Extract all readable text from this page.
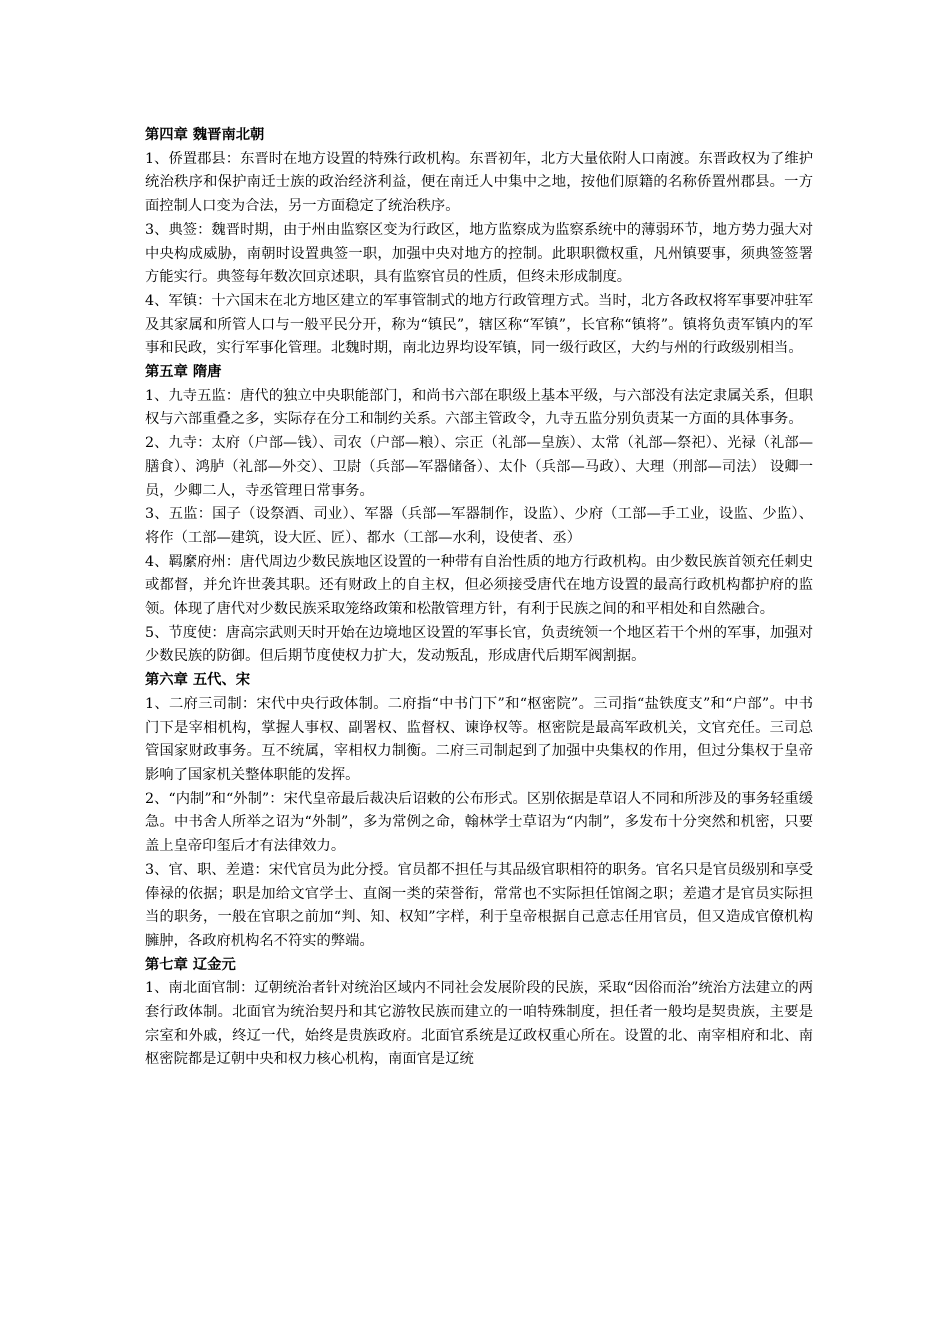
第四章 魏晋南北朝

1、侨置郡县：东晋时在地方设置的特殊行政机构。东晋初年，北方大量依附人口南渡。东晋政权为了维护统治秩序和保护南迁士族的政治经济利益，便在南迁人中集中之地，按他们原籍的名称侨置州郡县。一方面控制人口变为合法，另一方面稳定了统治秩序。

3、典签：魏晋时期，由于州由监察区变为行政区，地方监察成为监察系统中的薄弱环节，地方势力强大对中央构成威胁，南朝时设置典签一职，加强中央对地方的控制。此职职微权重，凡州镇要事，须典签签署方能实行。典签每年数次回京述职，具有监察官员的性质，但终未形成制度。

4、军镇：十六国末在北方地区建立的军事管制式的地方行政管理方式。当时，北方各政权将军事要冲驻军及其家属和所管人口与一般平民分开，称为“镇民”，辖区称“军镇”，长官称“镇将”。镇将负责军镇内的军事和民政，实行军事化管理。北魏时期，南北边界均设军镇，同一级行政区，大约与州的行政级别相当。

第五章 隋唐

1、九寺五监：唐代的独立中央职能部门，和尚书六部在职级上基本平级，与六部没有法定隶属关系，但职权与六部重叠之多，实际存在分工和制约关系。六部主管政令，九寺五监分别负责某一方面的具体事务。

2、九寺：太府（户部—钱）、司农（户部—粮）、宗正（礼部—皇族）、太常（礼部—祭祀）、光禄（礼部—膳食）、鸿胪（礼部—外交）、卫尉（兵部—军器储备）、太仆（兵部—马政）、大理（刑部—司法） 设卿一员，少卿二人，寺丞管理日常事务。

3、五监：国子（设祭酒、司业）、军器（兵部—军器制作，设监）、少府（工部—手工业，设监、少监）、将作（工部—建筑，设大匠、匠）、都水（工部—水利，设使者、丞）

4、羁縻府州：唐代周边少数民族地区设置的一种带有自治性质的地方行政机构。由少数民族首领充任刺史或都督，并允许世袭其职。还有财政上的自主权，但必须接受唐代在地方设置的最高行政机构都护府的监领。体现了唐代对少数民族采取笼络政策和松散管理方针，有利于民族之间的和平相处和自然融合。

5、节度使：唐高宗武则天时开始在边境地区设置的军事长官，负责统领一个地区若干个州的军事，加强对少数民族的防御。但后期节度使权力扩大，发动叛乱，形成唐代后期军阀割据。

第六章 五代、宋

1、二府三司制：宋代中央行政体制。二府指“中书门下”和“枢密院”。三司指“盐铁度支”和“户部”。中书门下是宰相机构，掌握人事权、副署权、监督权、谏诤权等。枢密院是最高军政机关，文官充任。三司总管国家财政事务。互不统属，宰相权力制衡。二府三司制起到了加强中央集权的作用，但过分集权于皇帝影响了国家机关整体职能的发挥。

2、“内制”和“外制”：宋代皇帝最后裁决后诏敕的公布形式。区别依据是草诏人不同和所涉及的事务轻重缓急。中书舍人所举之诏为“外制”，多为常例之命，翰林学士草诏为“内制”，多发布十分突然和机密，只要盖上皇帝印玺后才有法律效力。

3、官、职、差遣：宋代官员为此分授。官员都不担任与其品级官职相符的职务。官名只是官员级别和享受俸禄的依据；职是加给文官学士、直阁一类的荣誉衔，常常也不实际担任馆阁之职；差遣才是官员实际担当的职务，一般在官职之前加“判、知、权知”字样，利于皇帝根据自己意志任用官员，但又造成官僚机构臃肿，各政府机构名不符实的弊端。

第七章 辽金元

1、南北面官制：辽朝统治者针对统治区域内不同社会发展阶段的民族，采取“因俗而治”统治方法建立的两套行政体制。北面官为统治契丹和其它游牧民族而建立的一咱特殊制度，担任者一般均是契贵族，主要是宗室和外戚，终辽一代，始终是贵族政府。北面官系统是辽政权重心所在。设置的北、南宰相府和北、南枢密院都是辽朝中央和权力核心机构，南面官是辽统
